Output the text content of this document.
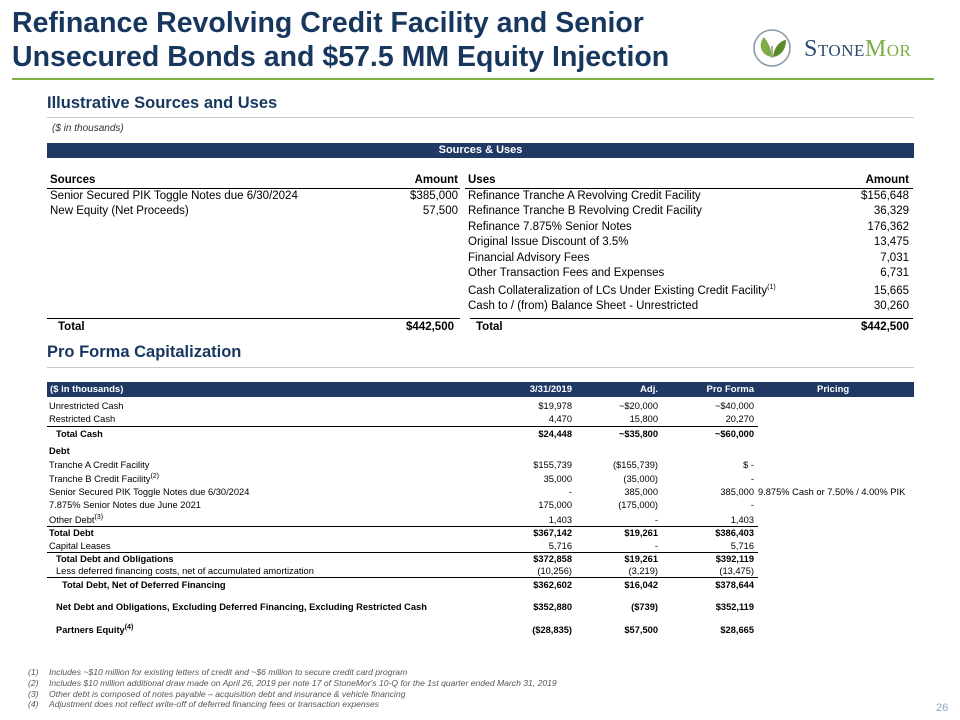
Refinance Revolving Credit Facility and Senior Unsecured Bonds and $57.5 MM Equity Injection	STONEMOR
Illustrative Sources and Uses
($ in thousands)
Sources & Uses
Sources	Amount
Senior Secured PIK Toggle Notes due 6/30/2024	$385,000
New Equity (Net Proceeds)	57,500
Uses	Amount
Refinance Tranche A Revolving Credit Facility	$156,648
Refinance Tranche B Revolving Credit Facility	36,329
Refinance 7.875% Senior Notes	176,362
Original Issue Discount of 3.5%	13,475
Financial Advisory Fees	7,031
Other Transaction Fees and Expenses	6,731
Cash Collateralization of LCs Under Existing Credit Facility$^{(1)}$	15,665
Cash to / (from) Balance Sheet - Unrestricted	30,260
Total	$442,500 Total	$442,500
Pro Forma Capitalization
($ in thousands)	3/31/2019	Adj.	Pro Forma	Pricing
Unrestricted Cash	$19,978	~$20,000	~$40,000
Restricted Cash	4,470	15,800	20,270
Total Cash	$24,448	~$35,800	~$60,000
Debt
Tranche A Credit Facility	$155,739	($155,739)	$ -
Tranche B Credit Facility$^{(2)}$	35,000	(35,000)	-
Senior Secured PIK Toggle Notes due 6/30/2024	-	385,000	385,000 9.875% Cash or 7.50% / 4.00% PIK
7.875% Senior Notes due June 2021	175,000	(175,000)	-
Other Debt$^{(3)}$	1,403	-	1,403
Total Debt	$367,142	$19,261	$386,403
Capital Leases	5,716	-	5,716
Total Debt and Obligations	$372,858	$19,261	$392,119
Less deferred financing costs, net of accumulated amortization	(10,256)	(3,219)	(13,475)
Total Debt, Net of Deferred Financing	$362,602	$16,042	$378,644
Net Debt and Obligations, Excluding Deferred Financing, Excluding Restricted Cash	$352,880	($739)	$352,119
Partners Equity$^{(4)}$	($28,835)	$57,500	$28,665
(1) Includes ~$10 million for existing letters of credit and ~$6 million to secure credit card program
(2) Includes $10 million additional draw made on April 26, 2019 per note 17 of StoneMor's 10-Q for the 1st quarter ended March 31, 2019
(3) Other debt is composed of notes payable – acquisition debt and insurance & vehicle financing
(4) Adjustment does not reflect write-off of deferred financing fees or transaction expenses	26
